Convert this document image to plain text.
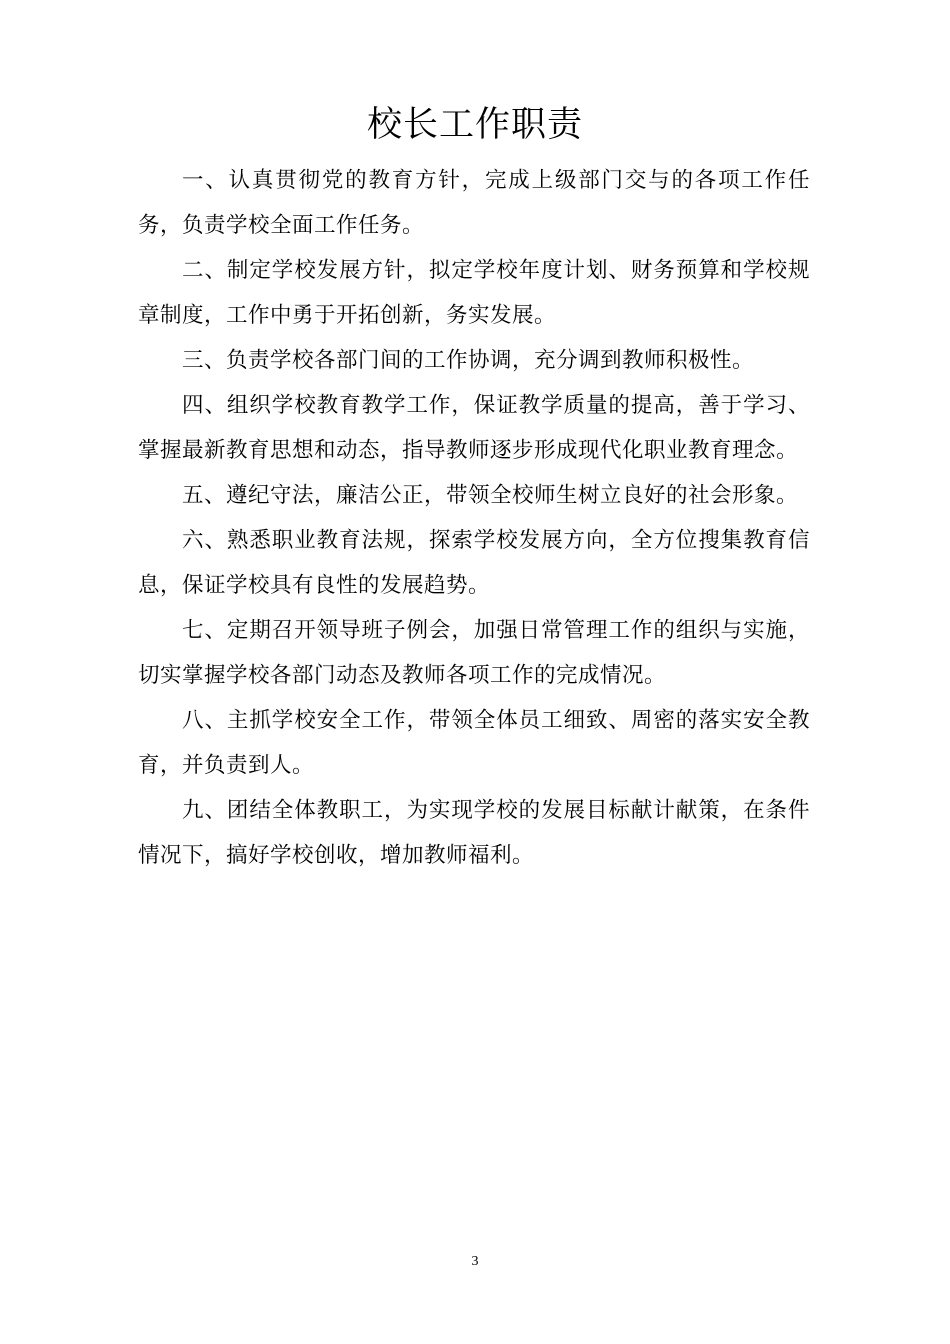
校长工作职责

一、认真贯彻党的教育方针，完成上级部门交与的各项工作任务，负责学校全面工作任务。

二、制定学校发展方针，拟定学校年度计划、财务预算和学校规章制度，工作中勇于开拓创新，务实发展。

三、负责学校各部门间的工作协调，充分调到教师积极性。

四、组织学校教育教学工作，保证教学质量的提高，善于学习、掌握最新教育思想和动态，指导教师逐步形成现代化职业教育理念。

五、遵纪守法，廉洁公正，带领全校师生树立良好的社会形象。

六、熟悉职业教育法规，探索学校发展方向，全方位搜集教育信息，保证学校具有良性的发展趋势。

七、定期召开领导班子例会，加强日常管理工作的组织与实施，切实掌握学校各部门动态及教师各项工作的完成情况。

八、主抓学校安全工作，带领全体员工细致、周密的落实安全教育，并负责到人。

九、团结全体教职工，为实现学校的发展目标献计献策，在条件情况下，搞好学校创收，增加教师福利。

3
